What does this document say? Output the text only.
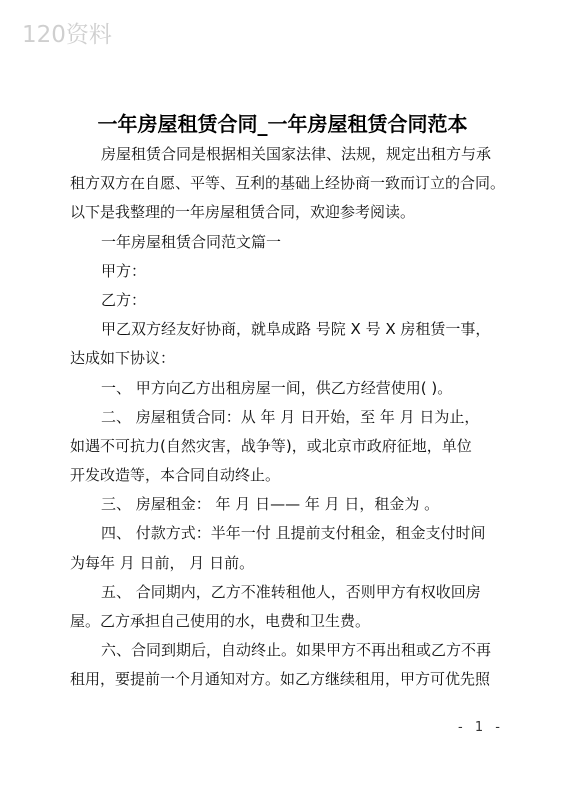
120资料
一年房屋租赁合同_一年房屋租赁合同范本
房屋租赁合同是根据相关国家法律、法规，规定出租方与承
租方双方在自愿、平等、互利的基础上经协商一致而订立的合同。
以下是我整理的一年房屋租赁合同，欢迎参考阅读。
一年房屋租赁合同范文篇一
甲方：
乙方：
甲乙双方经友好协商，就阜成路 号院 X 号 X 房租赁一事，
达成如下协议：
一、 甲方向乙方出租房屋一间，供乙方经营使用( )。
二、 房屋租赁合同：从 年 月 日开始，至 年 月 日为止，
如遇不可抗力(自然灾害，战争等)，或北京市政府征地，单位
开发改造等，本合同自动终止。
三、 房屋租金： 年 月 日—— 年 月 日，租金为 。
四、 付款方式：半年一付 且提前支付租金，租金支付时间
为每年 月 日前， 月 日前。
五、 合同期内，乙方不准转租他人，否则甲方有权收回房
屋。乙方承担自己使用的水，电费和卫生费。
六、合同到期后，自动终止。如果甲方不再出租或乙方不再
租用，要提前一个月通知对方。如乙方继续租用，甲方可优先照
- 1 -
